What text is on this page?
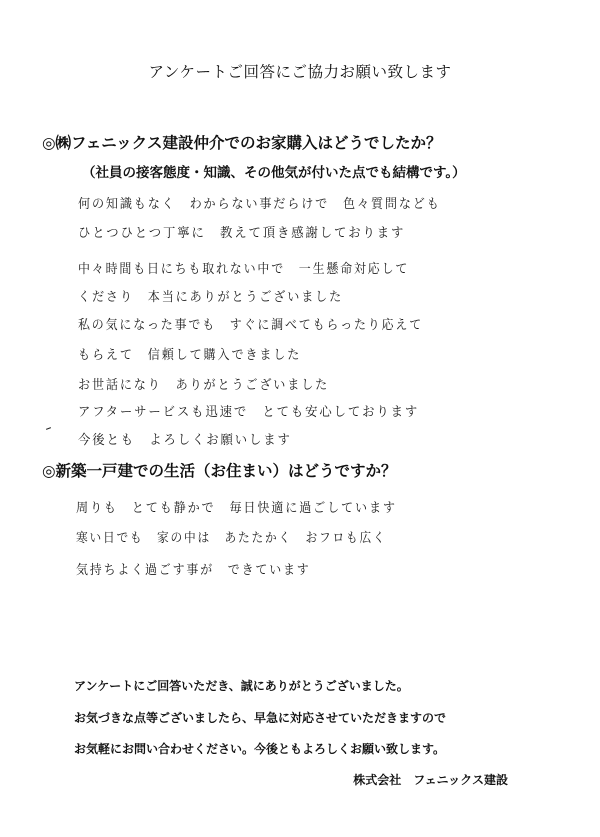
アンケートご回答にご協力お願い致します
◎㈱フェニックス建設仲介でのお家購入はどうでしたか？
（社員の接客態度・知識、その他気が付いた点でも結構です。）
何の知識もなく　わからない事だらけで　色々質問なども
ひとつひとつ丁寧に　教えて頂き感謝しております
中々時間も日にちも取れない中で　一生懸命対応して
くださり　本当にありがとうございました
私の気になった事でも　すぐに調べてもらったり応えて
もらえて　信頼して購入できました
お世話になり　ありがとうございました
アフターサービスも迅速で　とても安心しております
今後とも　よろしくお願いします
◎新築一戸建での生活（お住まい）はどうですか？
周りも　とても静かで　毎日快適に過ごしています
寒い日でも　家の中は　あたたかく　おフロも広く
気持ちよく過ごす事が　できています
アンケートにご回答いただき、誠にありがとうございました。
お気づきな点等ございましたら、早急に対応させていただきますので
お気軽にお問い合わせください。今後ともよろしくお願い致します。
株式会社　フェニックス建設
